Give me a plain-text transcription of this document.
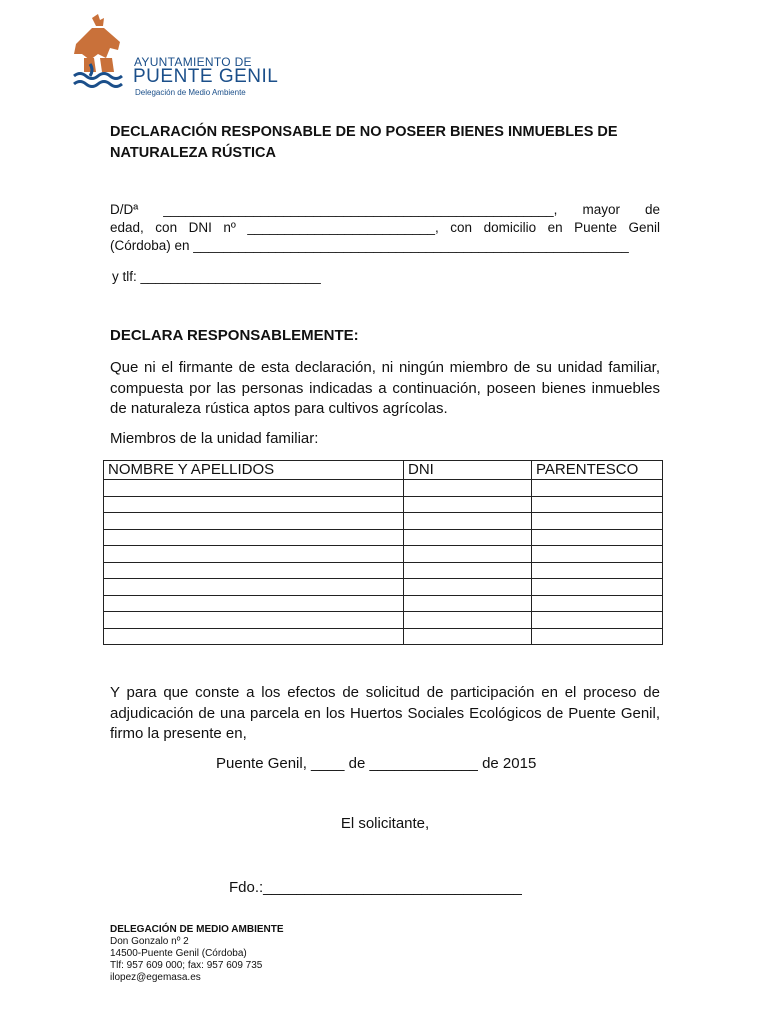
AYUNTAMIENTO DE
PUENTE GENIL
Delegación de Medio Ambiente
DECLARACIÓN RESPONSABLE DE NO POSEER BIENES INMUEBLES DE NATURALEZA RÚSTICA
D/Dª ____________________________________________________, mayor de
edad, con DNI nº _________________________, con domicilio en Puente Genil
(Córdoba) en __________________________________________________________
y tlf: ________________________
DECLARA RESPONSABLEMENTE:
Que ni el firmante de esta declaración, ni ningún miembro de su unidad familiar, compuesta por las personas indicadas a continuación, poseen bienes inmuebles de naturaleza rústica aptos para cultivos agrícolas.
Miembros de la unidad familiar:
NOMBRE Y APELLIDOS	DNI	PARENTESCO

Y para que conste a los efectos de solicitud de participación en el proceso de adjudicación de una parcela en los Huertos Sociales Ecológicos de Puente Genil, firmo la presente en,
Puente Genil, ____ de _____________ de 2015
El solicitante,
Fdo.:_______________________________
DELEGACIÓN DE MEDIO AMBIENTE
Don Gonzalo nº 2
14500-Puente Genil (Córdoba)
Tlf: 957 609 000; fax: 957 609 735
ilopez@egemasa.es
